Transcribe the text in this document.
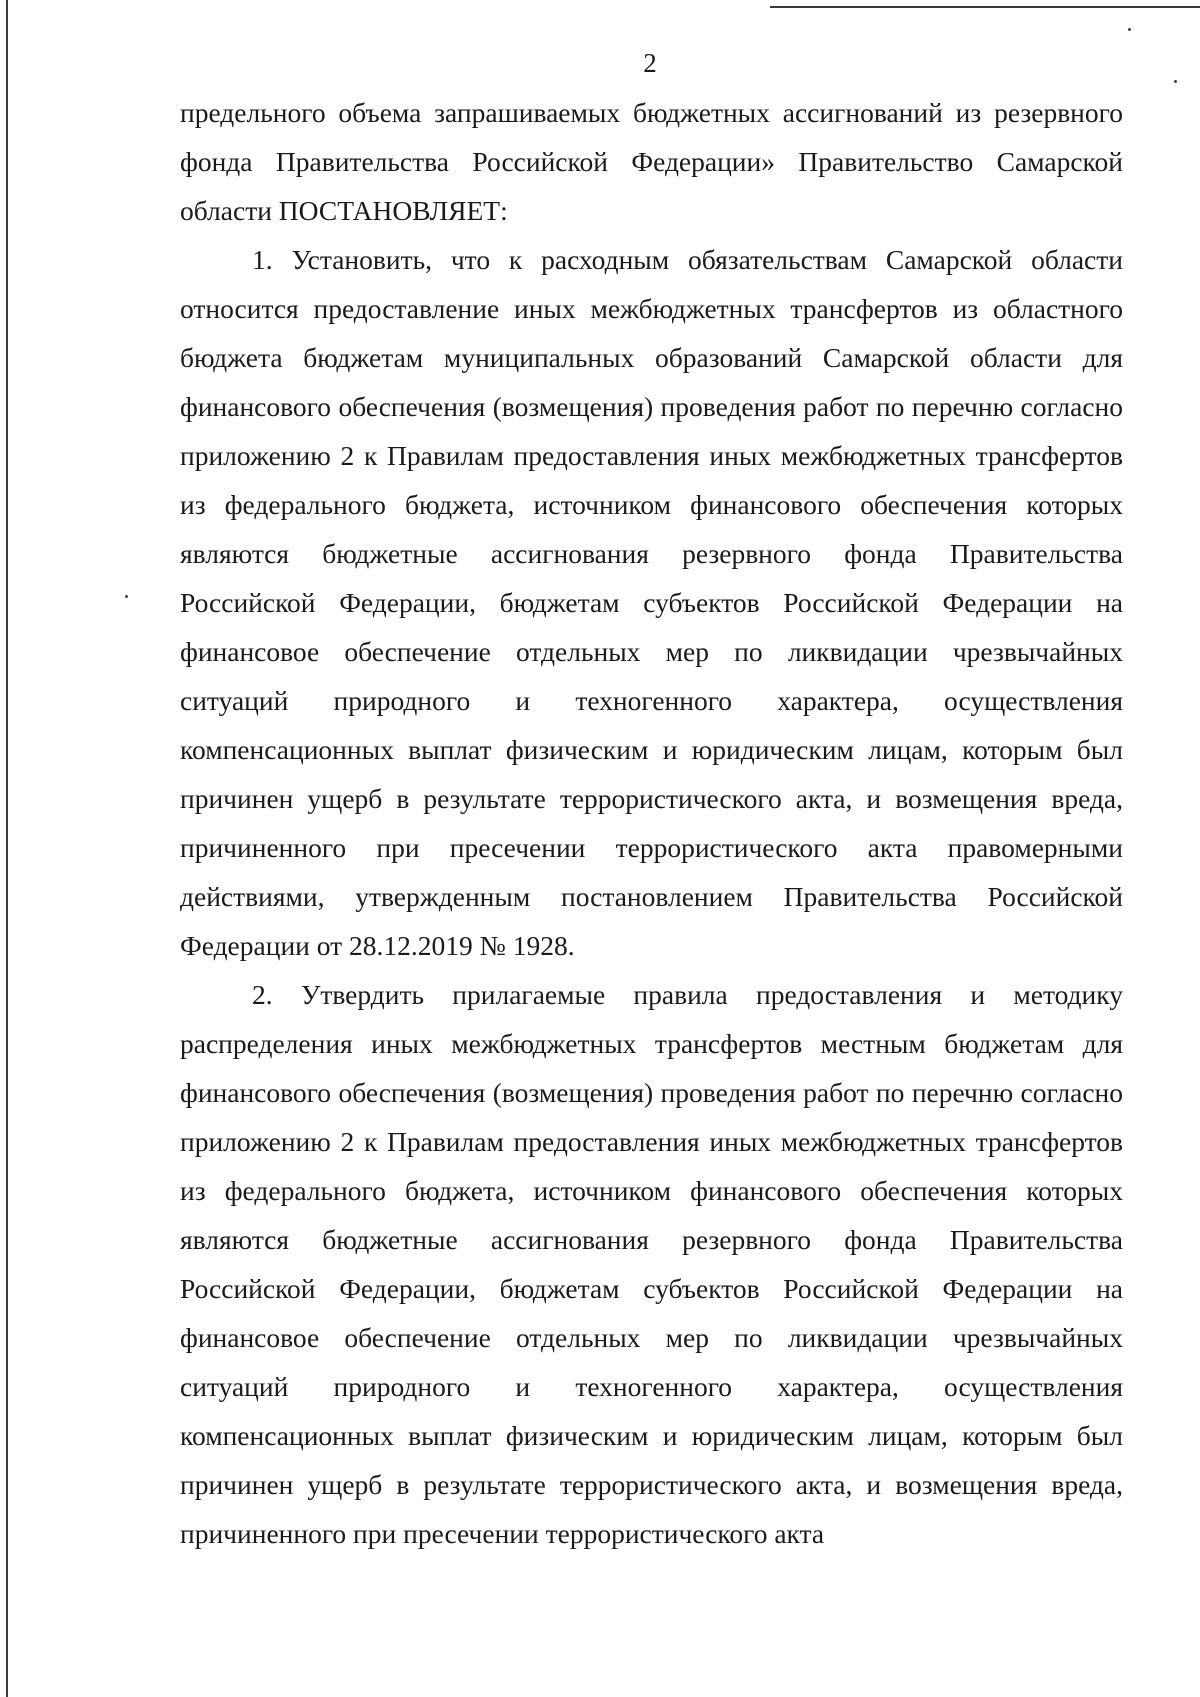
2

предельного объема запрашиваемых бюджетных ассигнований из резервного фонда Правительства Российской Федерации» Правительство Самарской области ПОСТАНОВЛЯЕТ:

1. Установить, что к расходным обязательствам Самарской области относится предоставление иных межбюджетных трансфертов из областного бюджета бюджетам муниципальных образований Самарской области для финансового обеспечения (возмещения) проведения работ по перечню согласно приложению 2 к Правилам предоставления иных межбюджетных трансфертов из федерального бюджета, источником финансового обеспечения которых являются бюджетные ассигнования резервного фонда Правительства Российской Федерации, бюджетам субъектов Российской Федерации на финансовое обеспечение отдельных мер по ликвидации чрезвычайных ситуаций природного и техногенного характера, осуществления компенсационных выплат физическим и юридическим лицам, которым был причинен ущерб в результате террористического акта, и возмещения вреда, причиненного при пресечении террористического акта правомерными действиями, утвержденным постановлением Правительства Российской Федерации от 28.12.2019 № 1928.

2. Утвердить прилагаемые правила предоставления и методику распределения иных межбюджетных трансфертов местным бюджетам для финансового обеспечения (возмещения) проведения работ по перечню согласно приложению 2 к Правилам предоставления иных межбюджетных трансфертов из федерального бюджета, источником финансового обеспечения которых являются бюджетные ассигнования резервного фонда Правительства Российской Федерации, бюджетам субъектов Российской Федерации на финансовое обеспечение отдельных мер по ликвидации чрезвычайных ситуаций природного и техногенного характера, осуществления компенсационных выплат физическим и юридическим лицам, которым был причинен ущерб в результате террористического акта, и возмещения вреда, причиненного при пресечении террористического акта
